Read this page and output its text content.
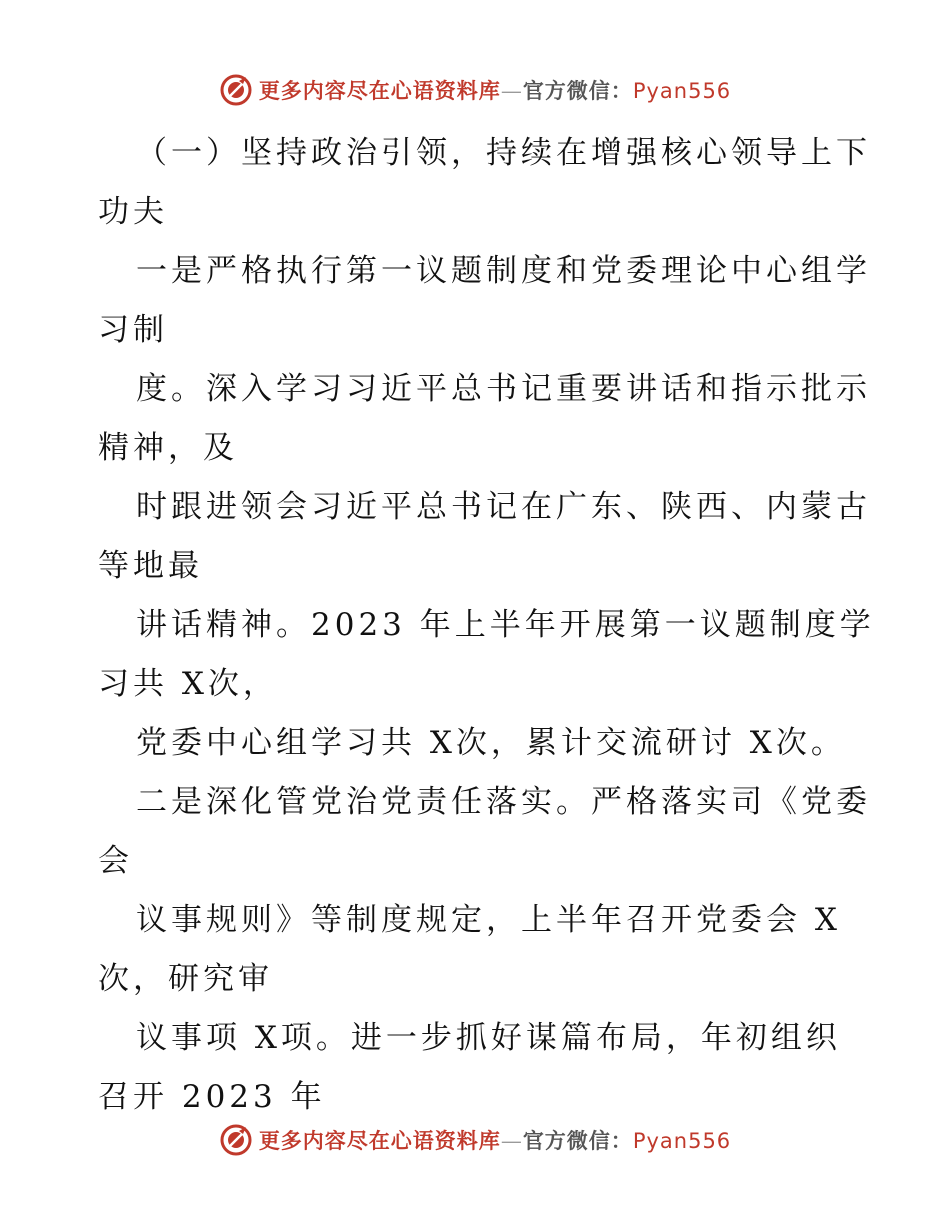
更多内容尽在心语资料库—官方微信：Pyan556
（一）坚持政治引领，持续在增强核心领导上下
功夫
一是严格执行第一议题制度和党委理论中心组学
习制
度。深入学习习近平总书记重要讲话和指示批示
精神，及
时跟进领会习近平总书记在广东、陕西、内蒙古
等地最
讲话精神。2023 年上半年开展第一议题制度学
习共 X次，
党委中心组学习共 X次，累计交流研讨 X次。
二是深化管党治党责任落实。严格落实司《党委
会
议事规则》等制度规定，上半年召开党委会 X
次，研究审
议事项 X项。进一步抓好谋篇布局，年初组织
召开 2023 年
更多内容尽在心语资料库—官方微信：Pyan556
